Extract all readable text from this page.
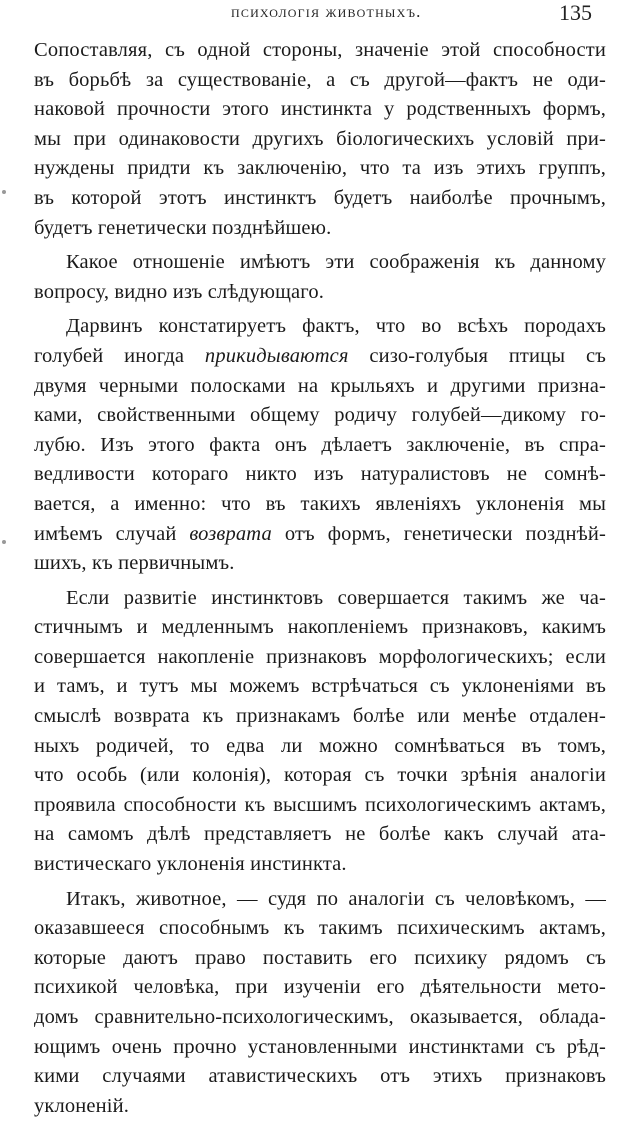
психологія животныхъ.	135
Сопоставляя, съ одной стороны, значеніе этой способности
въ борьбѣ за существованіе, а съ другой—фактъ не оди-
наковой прочности этого инстинкта у родственныхъ формъ,
мы при одинаковости другихъ біологическихъ условій при-
нуждены придти къ заключенію, что та изъ этихъ группъ,
въ которой этотъ инстинктъ будетъ наиболѣе прочнымъ,
будетъ генетически позднѣйшею.
Какое отношеніе имѣютъ эти соображенія къ данному
вопросу, видно изъ слѣдующаго.
Дарвинъ констатируетъ фактъ, что во всѣхъ породахъ
голубей иногда прикидываются сизо-голубыя птицы съ
двумя черными полосками на крыльяхъ и другими призна-
ками, свойственными общему родичу голубей—дикому го-
лубю. Изъ этого факта онъ дѣлаетъ заключеніе, въ спра-
ведливости котораго никто изъ натуралистовъ не сомнѣ-
вается, а именно: что въ такихъ явленіяхъ уклоненія мы
имѣемъ случай возврата отъ формъ, генетически позднѣй-
шихъ, къ первичнымъ.
Если развитіе инстинктовъ совершается такимъ же ча-
стичнымъ и медленнымъ накопленіемъ признаковъ, какимъ
совершается накопленіе признаковъ морфологическихъ; если
и тамъ, и тутъ мы можемъ встрѣчаться съ уклоненіями въ
смыслѣ возврата къ признакамъ болѣе или менѣе отдален-
ныхъ родичей, то едва ли можно сомнѣваться въ томъ,
что особь (или колонія), которая съ точки зрѣнія аналогіи
проявила способности къ высшимъ психологическимъ актамъ,
на самомъ дѣлѣ представляетъ не болѣе какъ случай ата-
вистическаго уклоненія инстинкта.
Итакъ, животное, — судя по аналогіи съ человѣкомъ, —
оказавшееся способнымъ къ такимъ психическимъ актамъ,
которые даютъ право поставить его психику рядомъ съ
психикой человѣка, при изученіи его дѣятельности мето-
домъ сравнительно-психологическимъ, оказывается, облада-
ющимъ очень прочно установленными инстинктами съ рѣд-
кими случаями атавистическихъ отъ этихъ признаковъ
уклоненій.
